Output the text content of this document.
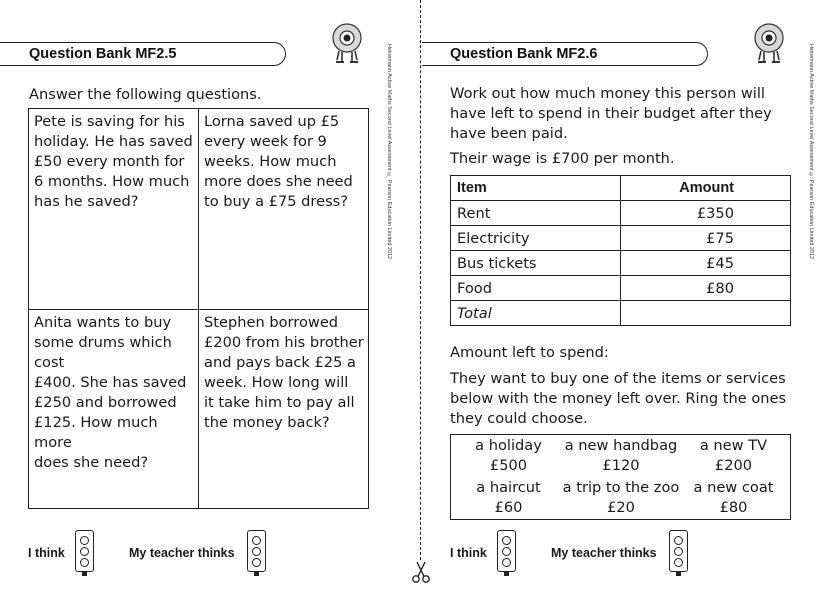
Question Bank MF2.5	Heinemann Active Maths Second Level Assessment © Pearson Education Limited 2012
Answer the following questions.
Pete is saving for his
holiday. He has saved
£50 every month for
6 months. How much
has he saved?
Lorna saved up £5
every week for 9
weeks. How much
more does she need
to buy a £75 dress?
Anita wants to buy
some drums which cost
£400. She has saved
£250 and borrowed
£125. How much more
does she need?
Stephen borrowed
£200 from his brother
and pays back £25 a
week. How long will
it take him to pay all
the money back?
I think	My teacher thinks
Question Bank MF2.6	Heinemann Active Maths Second Level Assessment © Pearson Education Limited 2012
Work out how much money this person will
have left to spend in their budget after they
have been paid.
Their wage is £700 per month.
Item	Amount
Rent	£350
Electricity	£75
Bus tickets	£45
Food	£80
Total	
Amount left to spend:
They want to buy one of the items or services
below with the money left over. Ring the ones
they could choose.
a holiday
£500
a new handbag
£120
a new TV
£200
a haircut
£60
a trip to the zoo
£20
a new coat
£80
I think	My teacher thinks
